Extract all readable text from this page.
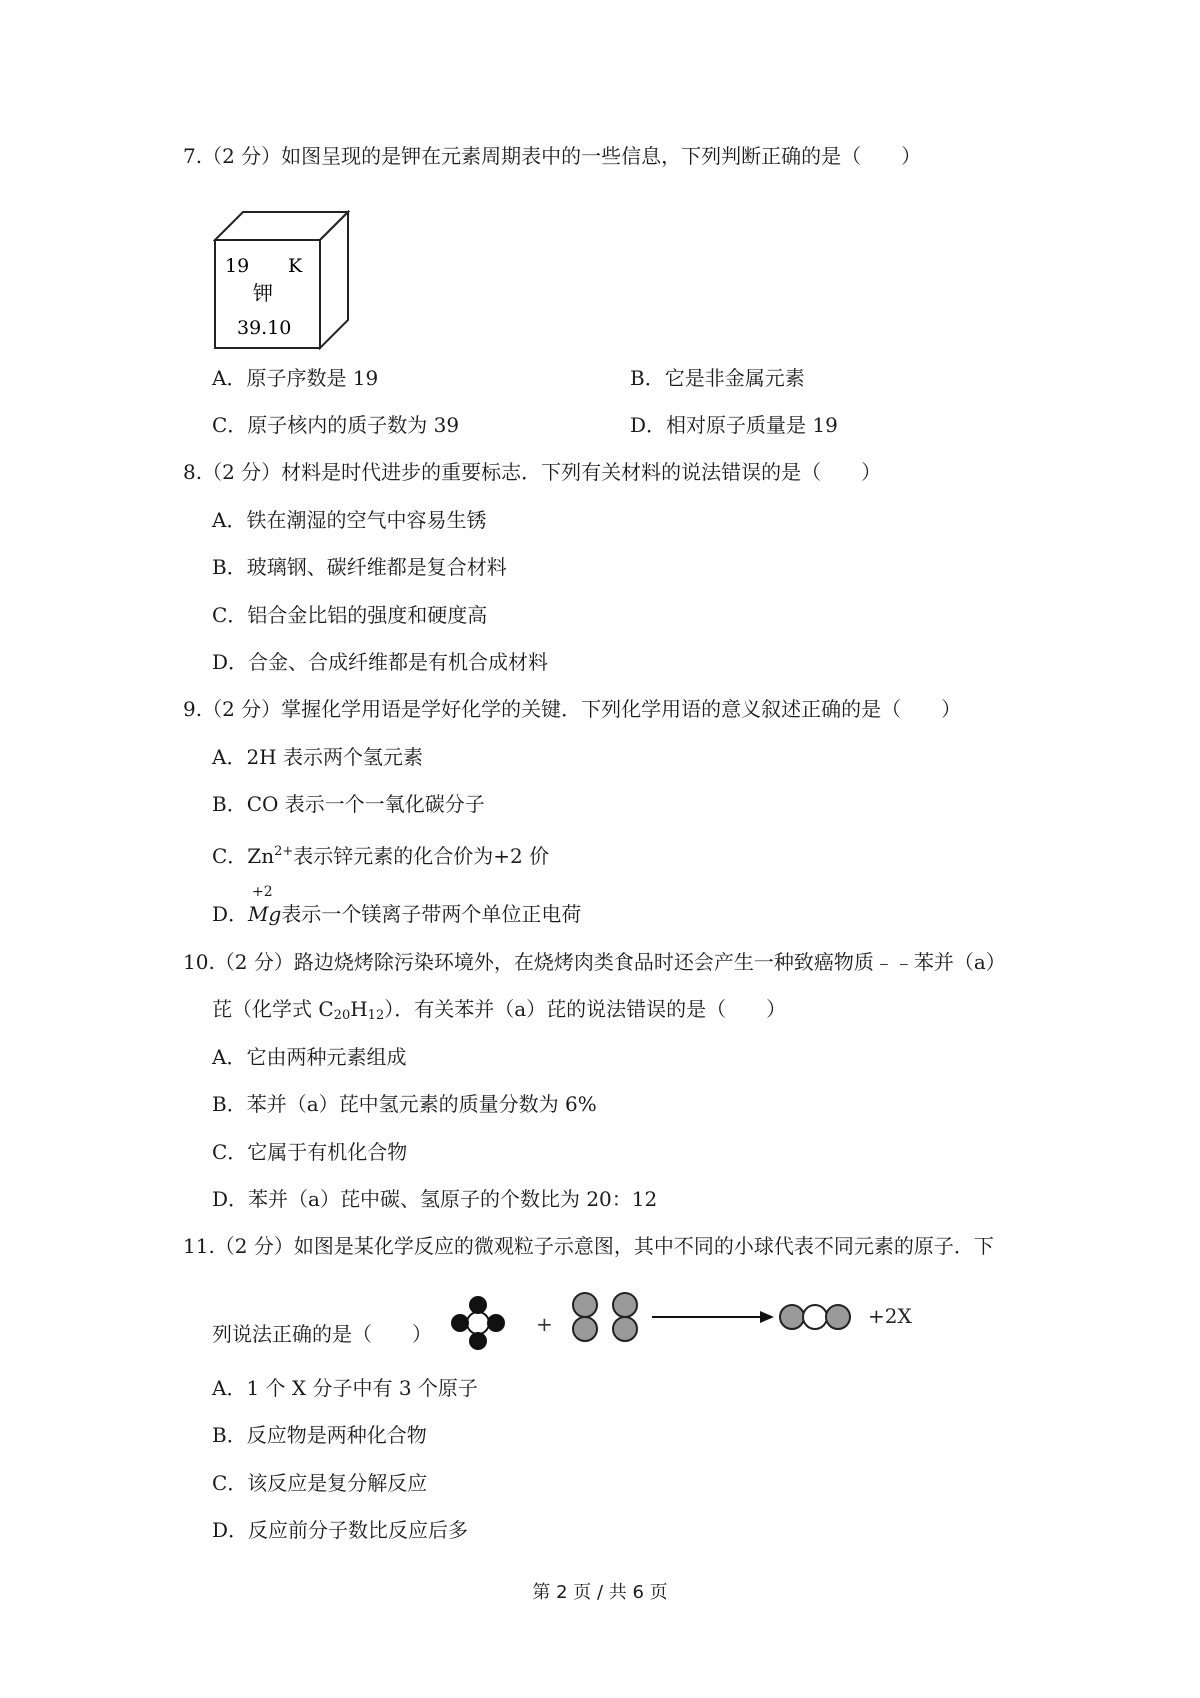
7.（2 分）如图呈现的是钾在元素周期表中的一些信息，下列判断正确的是（　　）
19 K
钾
39.10
A．原子序数是 19	B．它是非金属元素
C．原子核内的质子数为 39	D．相对原子质量是 19
8.（2 分）材料是时代进步的重要标志．下列有关材料的说法错误的是（　　）
A．铁在潮湿的空气中容易生锈
B．玻璃钢、碳纤维都是复合材料
C．铝合金比铝的强度和硬度高
D．合金、合成纤维都是有机合成材料
9.（2 分）掌握化学用语是学好化学的关键．下列化学用语的意义叙述正确的是（　　）
A．2H 表示两个氢元素
B．CO 表示一个一氧化碳分子
C．$Zn^{2+}$表示锌元素的化合价为+2 价
D．
+2
Mg表示一个镁离子带两个单位正电荷
10.（2 分）路边烧烤除污染环境外，在烧烤肉类食品时还会产生一种致癌物质﹣﹣苯并（a）
芘（化学式 $C_{20}H_{12}$）．有关苯并（a）芘的说法错误的是（　　）
A．它由两种元素组成
B．苯并（a）芘中氢元素的质量分数为 6%
C．它属于有机化合物
D．苯并（a）芘中碳、氢原子的个数比为 20：12
11.（2 分）如图是某化学反应的微观粒子示意图，其中不同的小球代表不同元素的原子．下
列说法正确的是（　　）	+	+2X
A．1 个 X 分子中有 3 个原子
B．反应物是两种化合物
C．该反应是复分解反应
D．反应前分子数比反应后多
第 2 页 / 共 6 页
